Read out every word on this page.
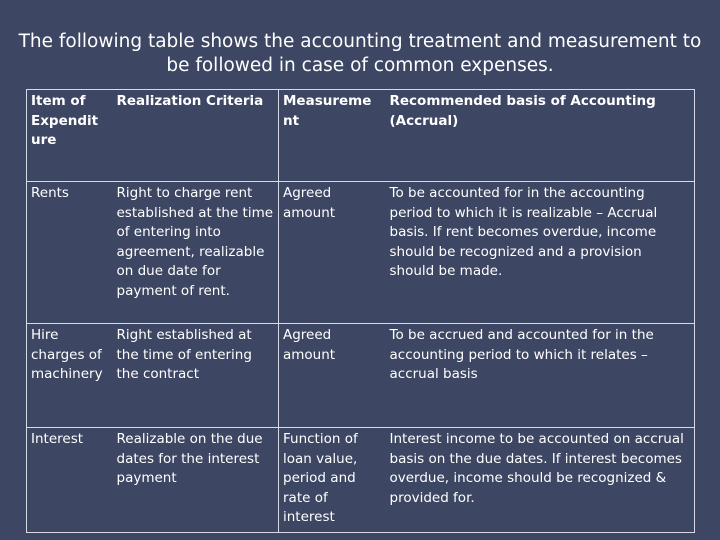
The following table shows the accounting treatment and measurement to
be followed in case of common expenses.
Item of Expendit ure	Realization Criteria	Measureme nt	Recommended basis of Accounting (Accrual)
Rents	Right to charge rent established at the time of entering into agreement, realizable on due date for payment of rent.	Agreed amount	To be accounted for in the accounting period to which it is realizable – Accrual basis. If rent becomes overdue, income should be recognized and a provision should be made.
Hire charges of machinery	Right established at the time of entering the contract	Agreed amount	To be accrued and accounted for in the accounting period to which it relates – accrual basis
Interest	Realizable on the due dates for the interest payment	Function of loan value, period and rate of interest	Interest income to be accounted on accrual basis on the due dates. If interest becomes overdue, income should be recognized & provided for.
